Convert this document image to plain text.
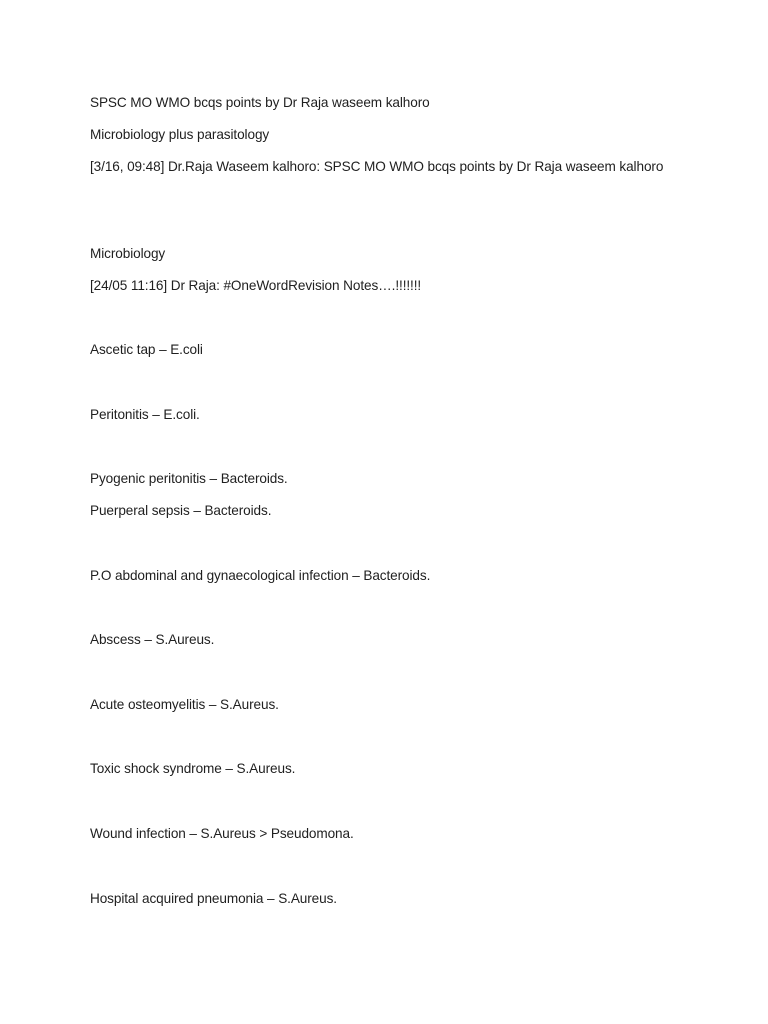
SPSC MO WMO bcqs points by Dr Raja waseem kalhoro

Microbiology plus parasitology

[3/16, 09:48] Dr.Raja Waseem kalhoro: SPSC MO WMO bcqs points by Dr Raja waseem kalhoro

Microbiology

[24/05 11:16] Dr Raja: #OneWordRevision Notes….!!!!!!!

Ascetic tap – E.coli

Peritonitis – E.coli.

Pyogenic peritonitis – Bacteroids.

Puerperal sepsis – Bacteroids.

P.O abdominal and gynaecological infection – Bacteroids.

Abscess – S.Aureus.

Acute osteomyelitis – S.Aureus.

Toxic shock syndrome – S.Aureus.

Wound infection – S.Aureus > Pseudomona.

Hospital acquired pneumonia – S.Aureus.
